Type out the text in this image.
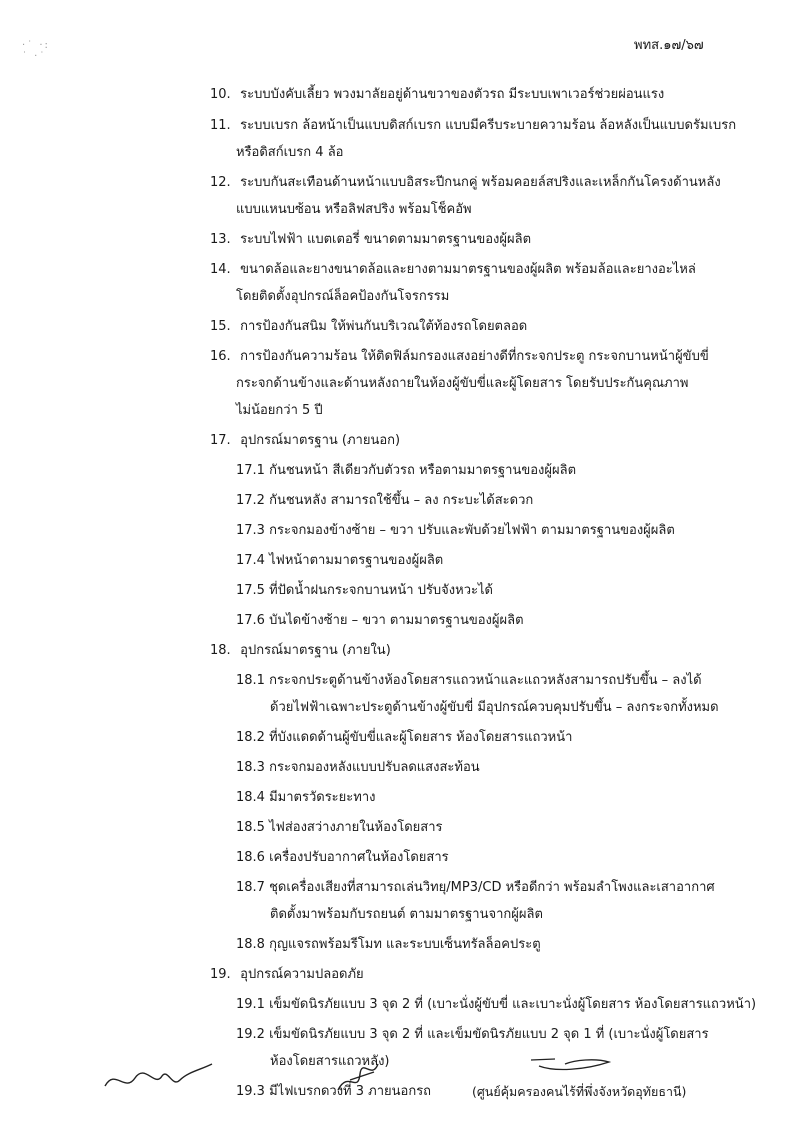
พทส.๑๗/๖๗
·˙ ·:
˙ ·˙
10. ระบบบังคับเลี้ยว พวงมาลัยอยู่ด้านขวาของตัวรถ มีระบบเพาเวอร์ช่วยผ่อนแรง
11. ระบบเบรก ล้อหน้าเป็นแบบดิสก์เบรก แบบมีครีบระบายความร้อน ล้อหลังเป็นแบบดรัมเบรก
หรือดิสก์เบรก 4 ล้อ
12. ระบบกันสะเทือนด้านหน้าแบบอิสระปีกนกคู่ พร้อมคอยล์สปริงและเหล็กกันโครงด้านหลัง
แบบแหนบซ้อน หรือลิฟสปริง พร้อมโช็คอัพ
13. ระบบไฟฟ้า แบตเตอรี่ ขนาดตามมาตรฐานของผู้ผลิต
14. ขนาดล้อและยางขนาดล้อและยางตามมาตรฐานของผู้ผลิต พร้อมล้อและยางอะไหล่
โดยติดตั้งอุปกรณ์ล็อคป้องกันโจรกรรม
15. การป้องกันสนิม ให้พ่นกันบริเวณใต้ท้องรถโดยตลอด
16. การป้องกันความร้อน ให้ติดฟิล์มกรองแสงอย่างดีที่กระจกประตู กระจกบานหน้าผู้ขับขี่
กระจกด้านข้างและด้านหลังถายในห้องผู้ขับขี่และผู้โดยสาร โดยรับประกันคุณภาพ
ไม่น้อยกว่า 5 ปี
17. อุปกรณ์มาตรฐาน (ภายนอก)
17.1 กันชนหน้า สีเดียวกับตัวรถ หรือตามมาตรฐานของผู้ผลิต
17.2 กันชนหลัง สามารถใช้ขึ้น – ลง กระบะได้สะดวก
17.3 กระจกมองข้างซ้าย – ขวา ปรับและพับด้วยไฟฟ้า ตามมาตรฐานของผู้ผลิต
17.4 ไฟหน้าตามมาตรฐานของผู้ผลิต
17.5 ที่ปัดน้ำฝนกระจกบานหน้า ปรับจังหวะได้
17.6 บันไดข้างซ้าย – ขวา ตามมาตรฐานของผู้ผลิต
18. อุปกรณ์มาตรฐาน (ภายใน)
18.1 กระจกประตูด้านข้างห้องโดยสารแถวหน้าและแถวหลังสามารถปรับขึ้น – ลงได้
ด้วยไฟฟ้าเฉพาะประตูด้านข้างผู้ขับขี่ มีอุปกรณ์ควบคุมปรับขึ้น – ลงกระจกทั้งหมด
18.2 ที่บังแดดด้านผู้ขับขี่และผู้โดยสาร ห้องโดยสารแถวหน้า
18.3 กระจกมองหลังแบบปรับลดแสงสะท้อน
18.4 มีมาตรวัดระยะทาง
18.5 ไฟส่องสว่างภายในห้องโดยสาร
18.6 เครื่องปรับอากาศในห้องโดยสาร
18.7 ชุดเครื่องเสียงที่สามารถเล่นวิทยุ/MP3/CD หรือดีกว่า พร้อมลำโพงและเสาอากาศ
ติดตั้งมาพร้อมกับรถยนต์ ตามมาตรฐานจากผู้ผลิต
18.8 กุญแจรถพร้อมรีโมท และระบบเซ็นทรัลล็อคประตู
19. อุปกรณ์ความปลอดภัย
19.1 เข็มขัดนิรภัยแบบ 3 จุด 2 ที่ (เบาะนั่งผู้ขับขี่ และเบาะนั่งผู้โดยสาร ห้องโดยสารแถวหน้า)
19.2 เข็มขัดนิรภัยแบบ 3 จุด 2 ที่ และเข็มขัดนิรภัยแบบ 2 จุด 1 ที่ (เบาะนั่งผู้โดยสาร
ห้องโดยสารแถวหลัง)
19.3 มีไฟเบรกดวงที่ 3 ภายนอกรถ	(ศูนย์คุ้มครองคนไร้ที่พึ่งจังหวัดอุทัยธานี)
